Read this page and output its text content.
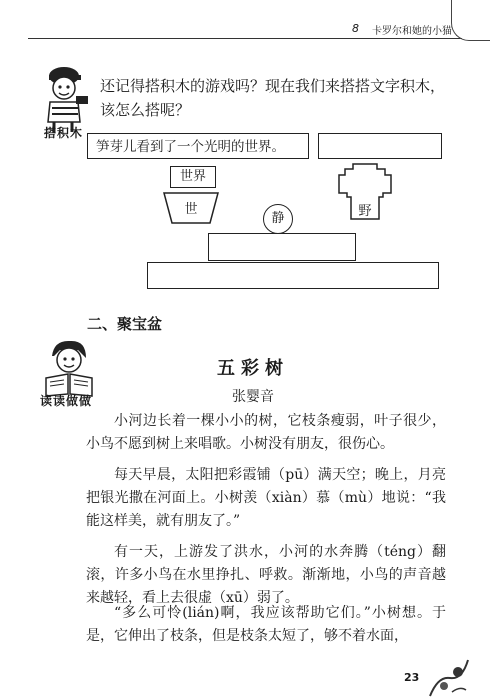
8 卡罗尔和她的小猫
搭积木
还记得搭积木的游戏吗？现在我们来搭搭文字积木，该怎么搭呢？
笋芽儿看到了一个光明的世界。
世界
世	野
静
二、聚宝盆
读读做做
五彩树
张婴音
小河边长着一棵小小的树，它枝条瘦弱，叶子很少，小鸟不愿到树上来唱歌。小树没有朋友，很伤心。
每天早晨，太阳把彩霞铺（pū）满天空；晚上，月亮把银光撒在河面上。小树羡（xiàn）慕（mù）地说：“我能这样美，就有朋友了。”
有一天，上游发了洪水，小河的水奔腾（téng）翻滚，许多小鸟在水里挣扎、呼救。渐渐地，小鸟的声音越来越轻，看上去很虚（xū）弱了。
“多么可怜(lián)啊，我应该帮助它们。”小树想。于是，它伸出了枝条，但是枝条太短了，够不着水面，
23
